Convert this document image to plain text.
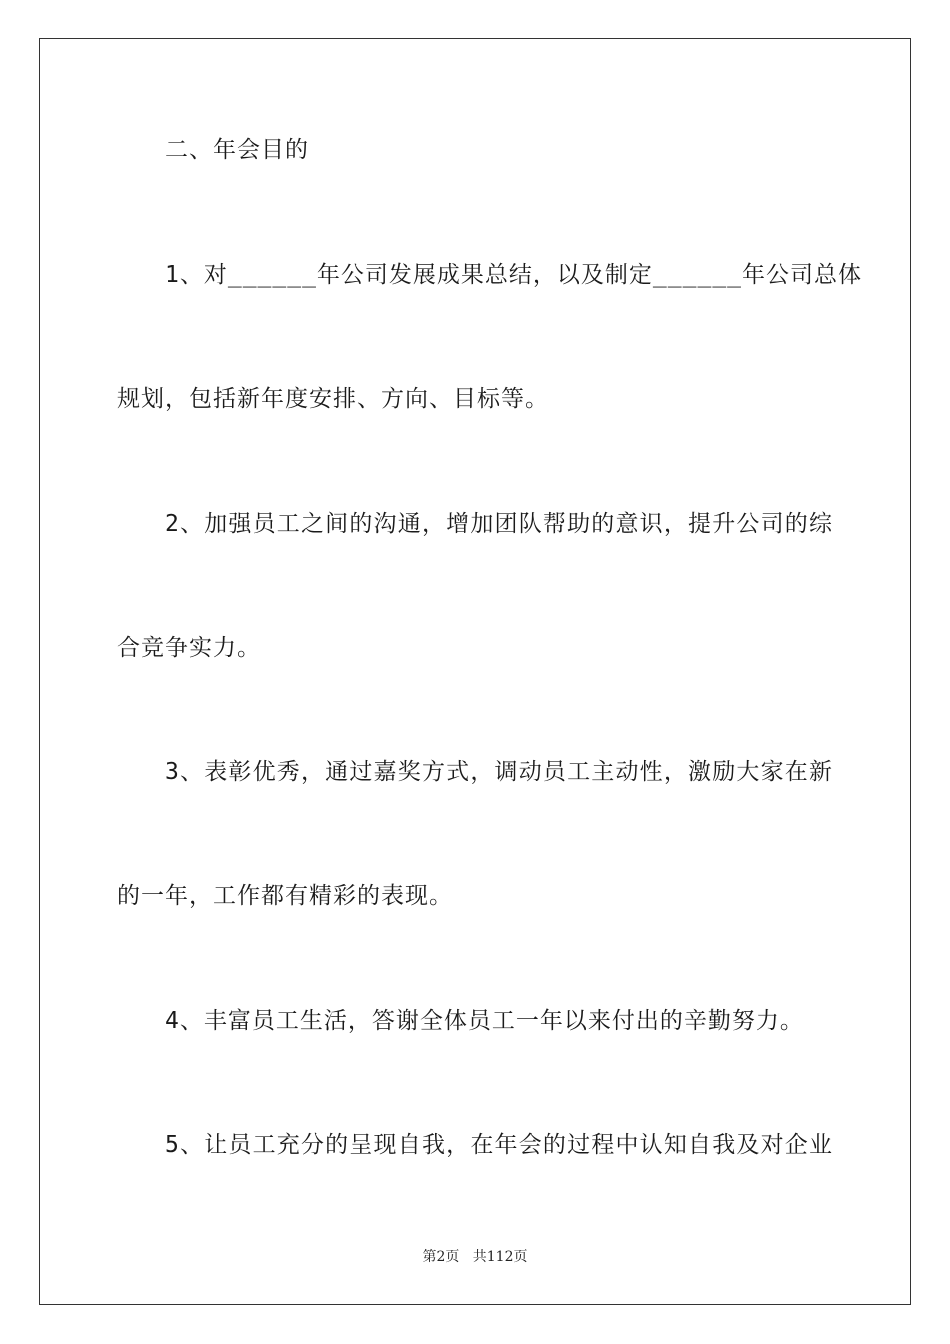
二、年会目的
1、对______年公司发展成果总结，以及制定______年公司总体
规划，包括新年度安排、方向、目标等。
2、加强员工之间的沟通，增加团队帮助的意识，提升公司的综
合竞争实力。
3、表彰优秀，通过嘉奖方式，调动员工主动性，激励大家在新
的一年，工作都有精彩的表现。
4、丰富员工生活，答谢全体员工一年以来付出的辛勤努力。
5、让员工充分的呈现自我，在年会的过程中认知自我及对企业
第2页 共112页
